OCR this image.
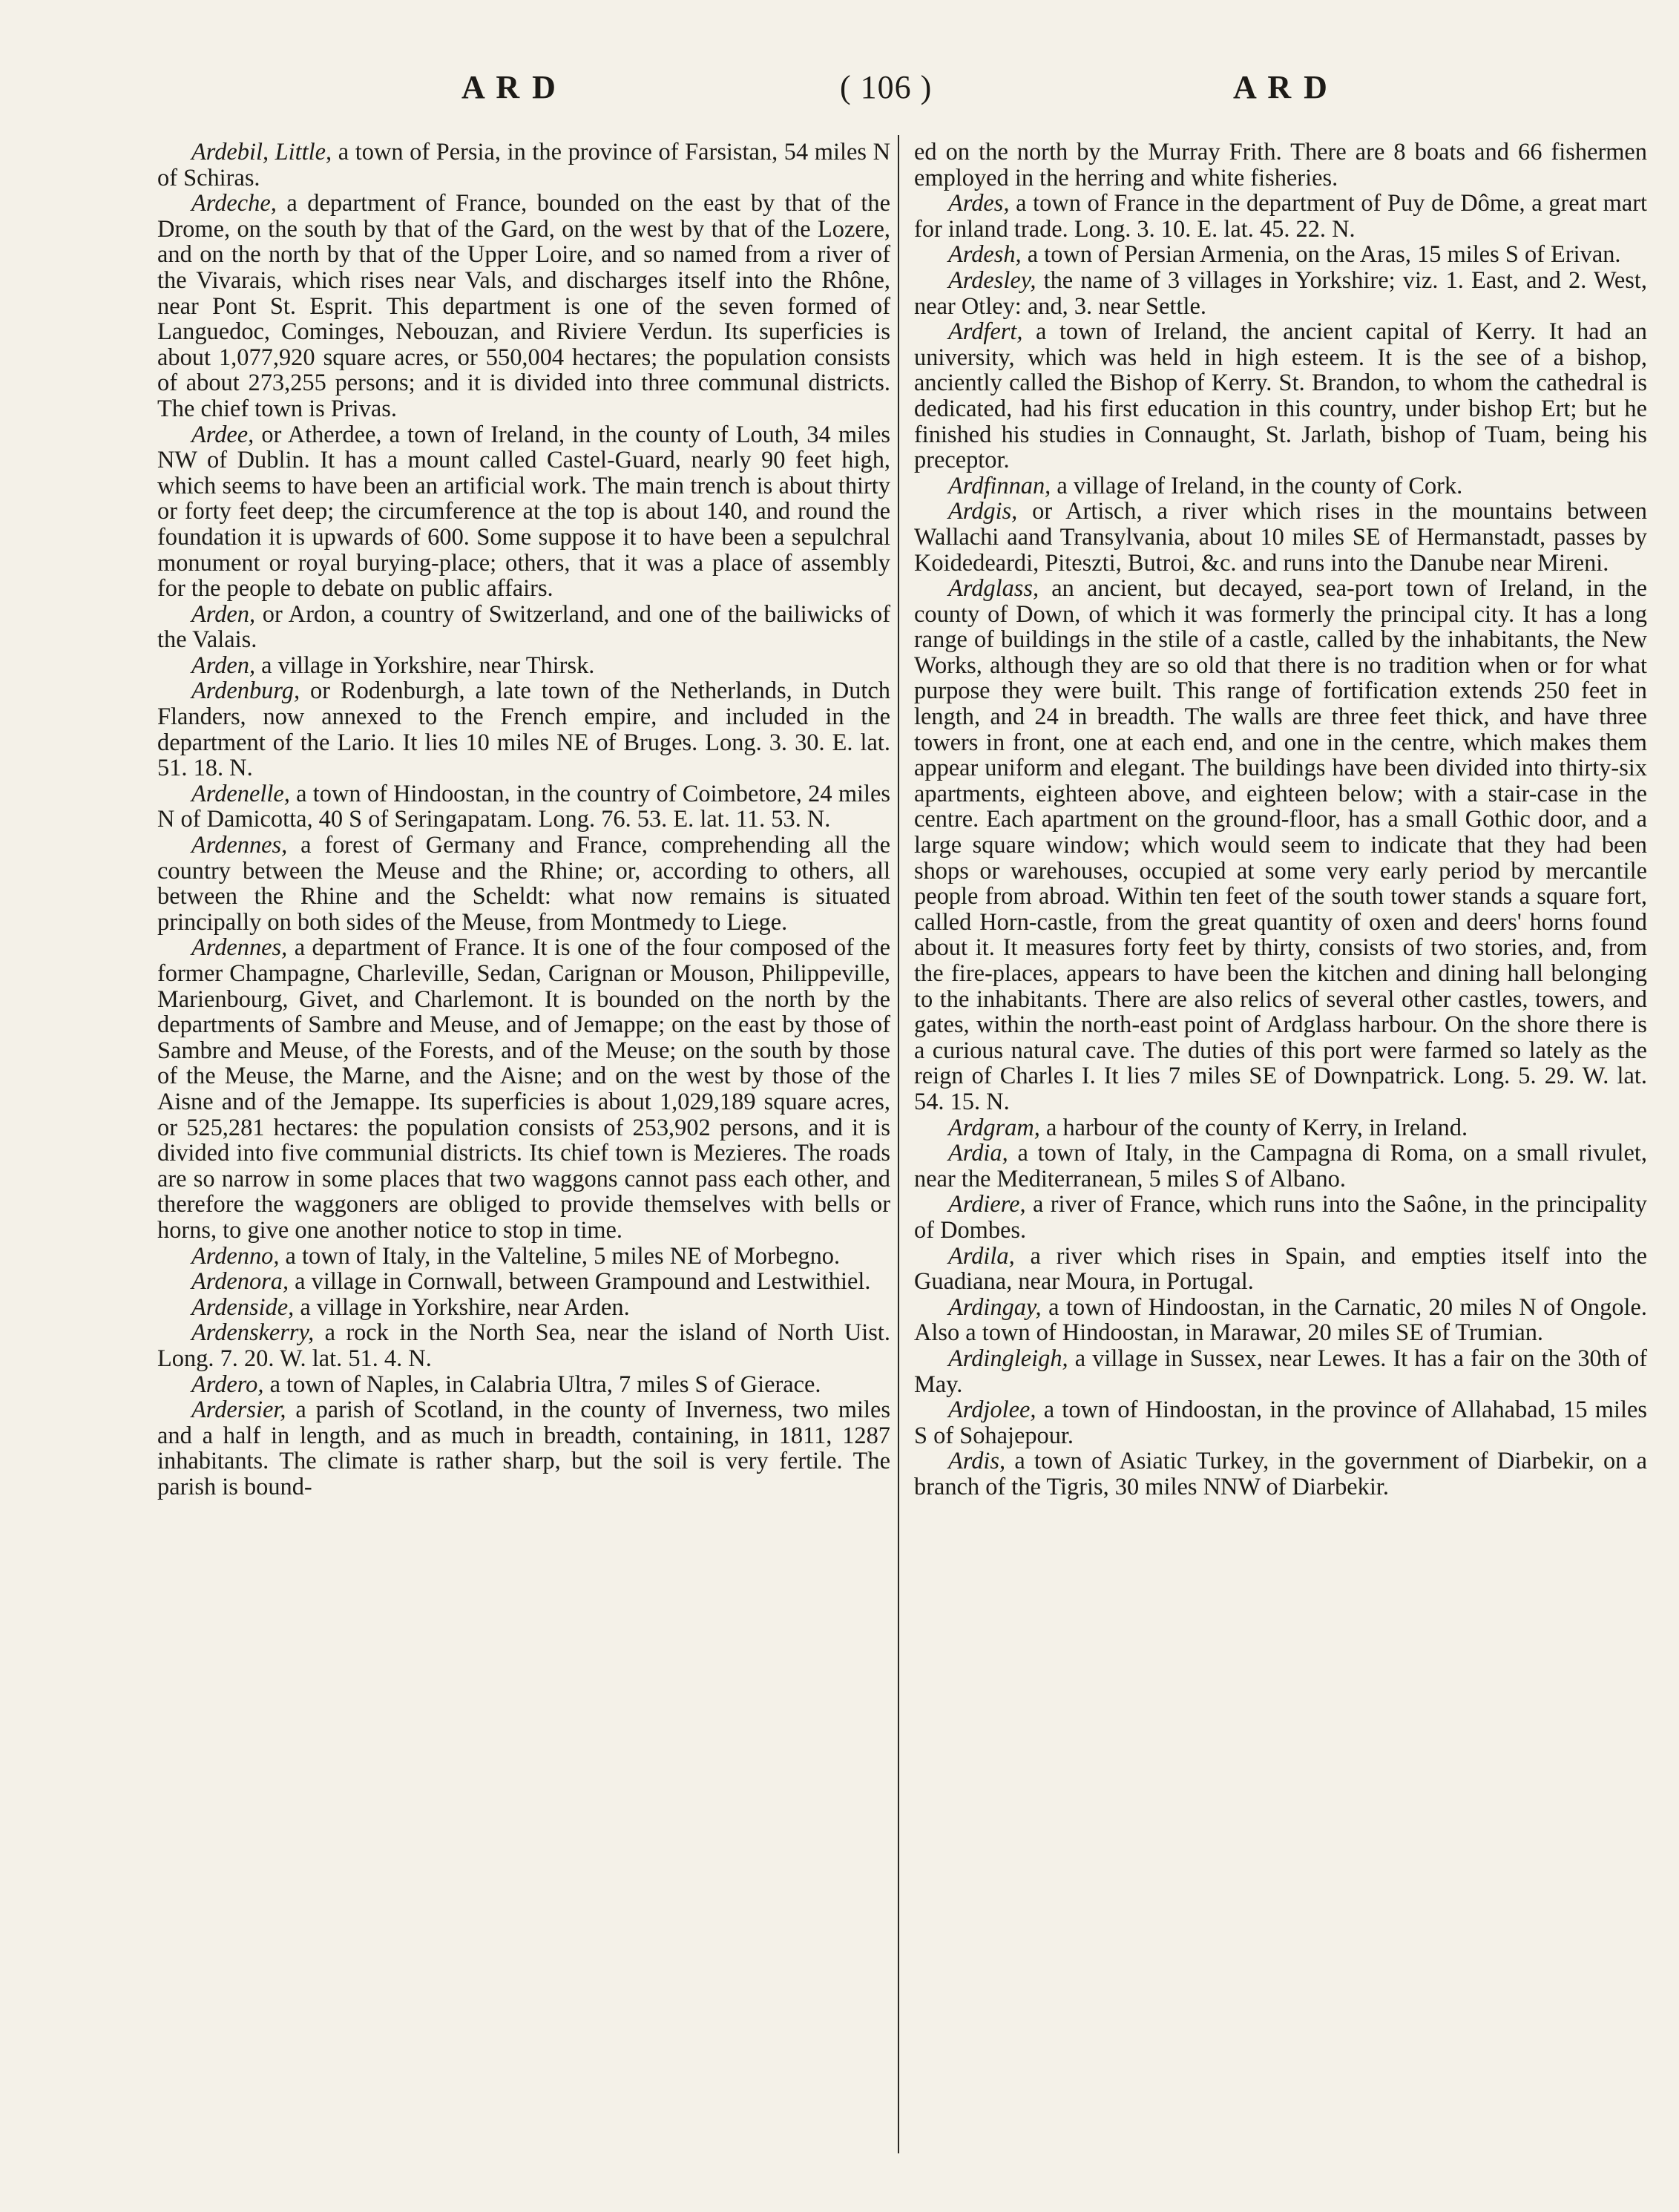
A R D	( 106 )	A R D

Ardebil, Little, a town of Persia, in the province of Farsistan, 54 miles N of Schiras.

Ardeche, a department of France, bounded on the east by that of the Drome, on the south by that of the Gard, on the west by that of the Lozere, and on the north by that of the Upper Loire, and so named from a river of the Vivarais, which rises near Vals, and discharges itself into the Rhône, near Pont St. Esprit. This department is one of the seven formed of Languedoc, Cominges, Nebouzan, and Riviere Verdun. Its superficies is about 1,077,920 square acres, or 550,004 hectares; the population consists of about 273,255 persons; and it is divided into three communal districts. The chief town is Privas.

Ardee, or Atherdee, a town of Ireland, in the county of Louth, 34 miles NW of Dublin. It has a mount called Castel-Guard, nearly 90 feet high, which seems to have been an artificial work. The main trench is about thirty or forty feet deep; the circumference at the top is about 140, and round the foundation it is upwards of 600. Some suppose it to have been a sepulchral monument or royal burying-place; others, that it was a place of assembly for the people to debate on public affairs.

Arden, or Ardon, a country of Switzerland, and one of the bailiwicks of the Valais.

Arden, a village in Yorkshire, near Thirsk.

Ardenburg, or Rodenburgh, a late town of the Netherlands, in Dutch Flanders, now annexed to the French empire, and included in the department of the Lario. It lies 10 miles NE of Bruges. Long. 3. 30. E. lat. 51. 18. N.

Ardenelle, a town of Hindoostan, in the country of Coimbetore, 24 miles N of Damicotta, 40 S of Seringapatam. Long. 76. 53. E. lat. 11. 53. N.

Ardennes, a forest of Germany and France, comprehending all the country between the Meuse and the Rhine; or, according to others, all between the Rhine and the Scheldt: what now remains is situated principally on both sides of the Meuse, from Montmedy to Liege.

Ardennes, a department of France. It is one of the four composed of the former Champagne, Charleville, Sedan, Carignan or Mouson, Philippeville, Marienbourg, Givet, and Charlemont. It is bounded on the north by the departments of Sambre and Meuse, and of Jemappe; on the east by those of Sambre and Meuse, of the Forests, and of the Meuse; on the south by those of the Meuse, the Marne, and the Aisne; and on the west by those of the Aisne and of the Jemappe. Its superficies is about 1,029,189 square acres, or 525,281 hectares: the population consists of 253,902 persons, and it is divided into five communial districts. Its chief town is Mezieres. The roads are so narrow in some places that two waggons cannot pass each other, and therefore the waggoners are obliged to provide themselves with bells or horns, to give one another notice to stop in time.

Ardenno, a town of Italy, in the Valteline, 5 miles NE of Morbegno.

Ardenora, a village in Cornwall, between Grampound and Lestwithiel.

Ardenside, a village in Yorkshire, near Arden.

Ardenskerry, a rock in the North Sea, near the island of North Uist. Long. 7. 20. W. lat. 51. 4. N.

Ardero, a town of Naples, in Calabria Ultra, 7 miles S of Gierace.

Ardersier, a parish of Scotland, in the county of Inverness, two miles and a half in length, and as much in breadth, containing, in 1811, 1287 inhabitants. The climate is rather sharp, but the soil is very fertile. The parish is bound-

ed on the north by the Murray Frith. There are 8 boats and 66 fishermen employed in the herring and white fisheries.

Ardes, a town of France in the department of Puy de Dôme, a great mart for inland trade. Long. 3. 10. E. lat. 45. 22. N.

Ardesh, a town of Persian Armenia, on the Aras, 15 miles S of Erivan.

Ardesley, the name of 3 villages in Yorkshire; viz. 1. East, and 2. West, near Otley: and, 3. near Settle.

Ardfert, a town of Ireland, the ancient capital of Kerry. It had an university, which was held in high esteem. It is the see of a bishop, anciently called the Bishop of Kerry. St. Brandon, to whom the cathedral is dedicated, had his first education in this country, under bishop Ert; but he finished his studies in Connaught, St. Jarlath, bishop of Tuam, being his preceptor.

Ardfinnan, a village of Ireland, in the county of Cork.

Ardgis, or Artisch, a river which rises in the mountains between Wallachi aand Transylvania, about 10 miles SE of Hermanstadt, passes by Koidedeardi, Piteszti, Butroi, &c. and runs into the Danube near Mireni.

Ardglass, an ancient, but decayed, sea-port town of Ireland, in the county of Down, of which it was formerly the principal city. It has a long range of buildings in the stile of a castle, called by the inhabitants, the New Works, although they are so old that there is no tradition when or for what purpose they were built. This range of fortification extends 250 feet in length, and 24 in breadth. The walls are three feet thick, and have three towers in front, one at each end, and one in the centre, which makes them appear uniform and elegant. The buildings have been divided into thirty-six apartments, eighteen above, and eighteen below; with a stair-case in the centre. Each apartment on the ground-floor, has a small Gothic door, and a large square window; which would seem to indicate that they had been shops or warehouses, occupied at some very early period by mercantile people from abroad. Within ten feet of the south tower stands a square fort, called Horn-castle, from the great quantity of oxen and deers' horns found about it. It measures forty feet by thirty, consists of two stories, and, from the fire-places, appears to have been the kitchen and dining hall belonging to the inhabitants. There are also relics of several other castles, towers, and gates, within the north-east point of Ardglass harbour. On the shore there is a curious natural cave. The duties of this port were farmed so lately as the reign of Charles I. It lies 7 miles SE of Downpatrick. Long. 5. 29. W. lat. 54. 15. N.

Ardgram, a harbour of the county of Kerry, in Ireland.

Ardia, a town of Italy, in the Campagna di Roma, on a small rivulet, near the Mediterranean, 5 miles S of Albano.

Ardiere, a river of France, which runs into the Saône, in the principality of Dombes.

Ardila, a river which rises in Spain, and empties itself into the Guadiana, near Moura, in Portugal.

Ardingay, a town of Hindoostan, in the Carnatic, 20 miles N of Ongole. Also a town of Hindoostan, in Marawar, 20 miles SE of Trumian.

Ardingleigh, a village in Sussex, near Lewes. It has a fair on the 30th of May.

Ardjolee, a town of Hindoostan, in the province of Allahabad, 15 miles S of Sohajepour.

Ardis, a town of Asiatic Turkey, in the government of Diarbekir, on a branch of the Tigris, 30 miles NNW of Diarbekir.
